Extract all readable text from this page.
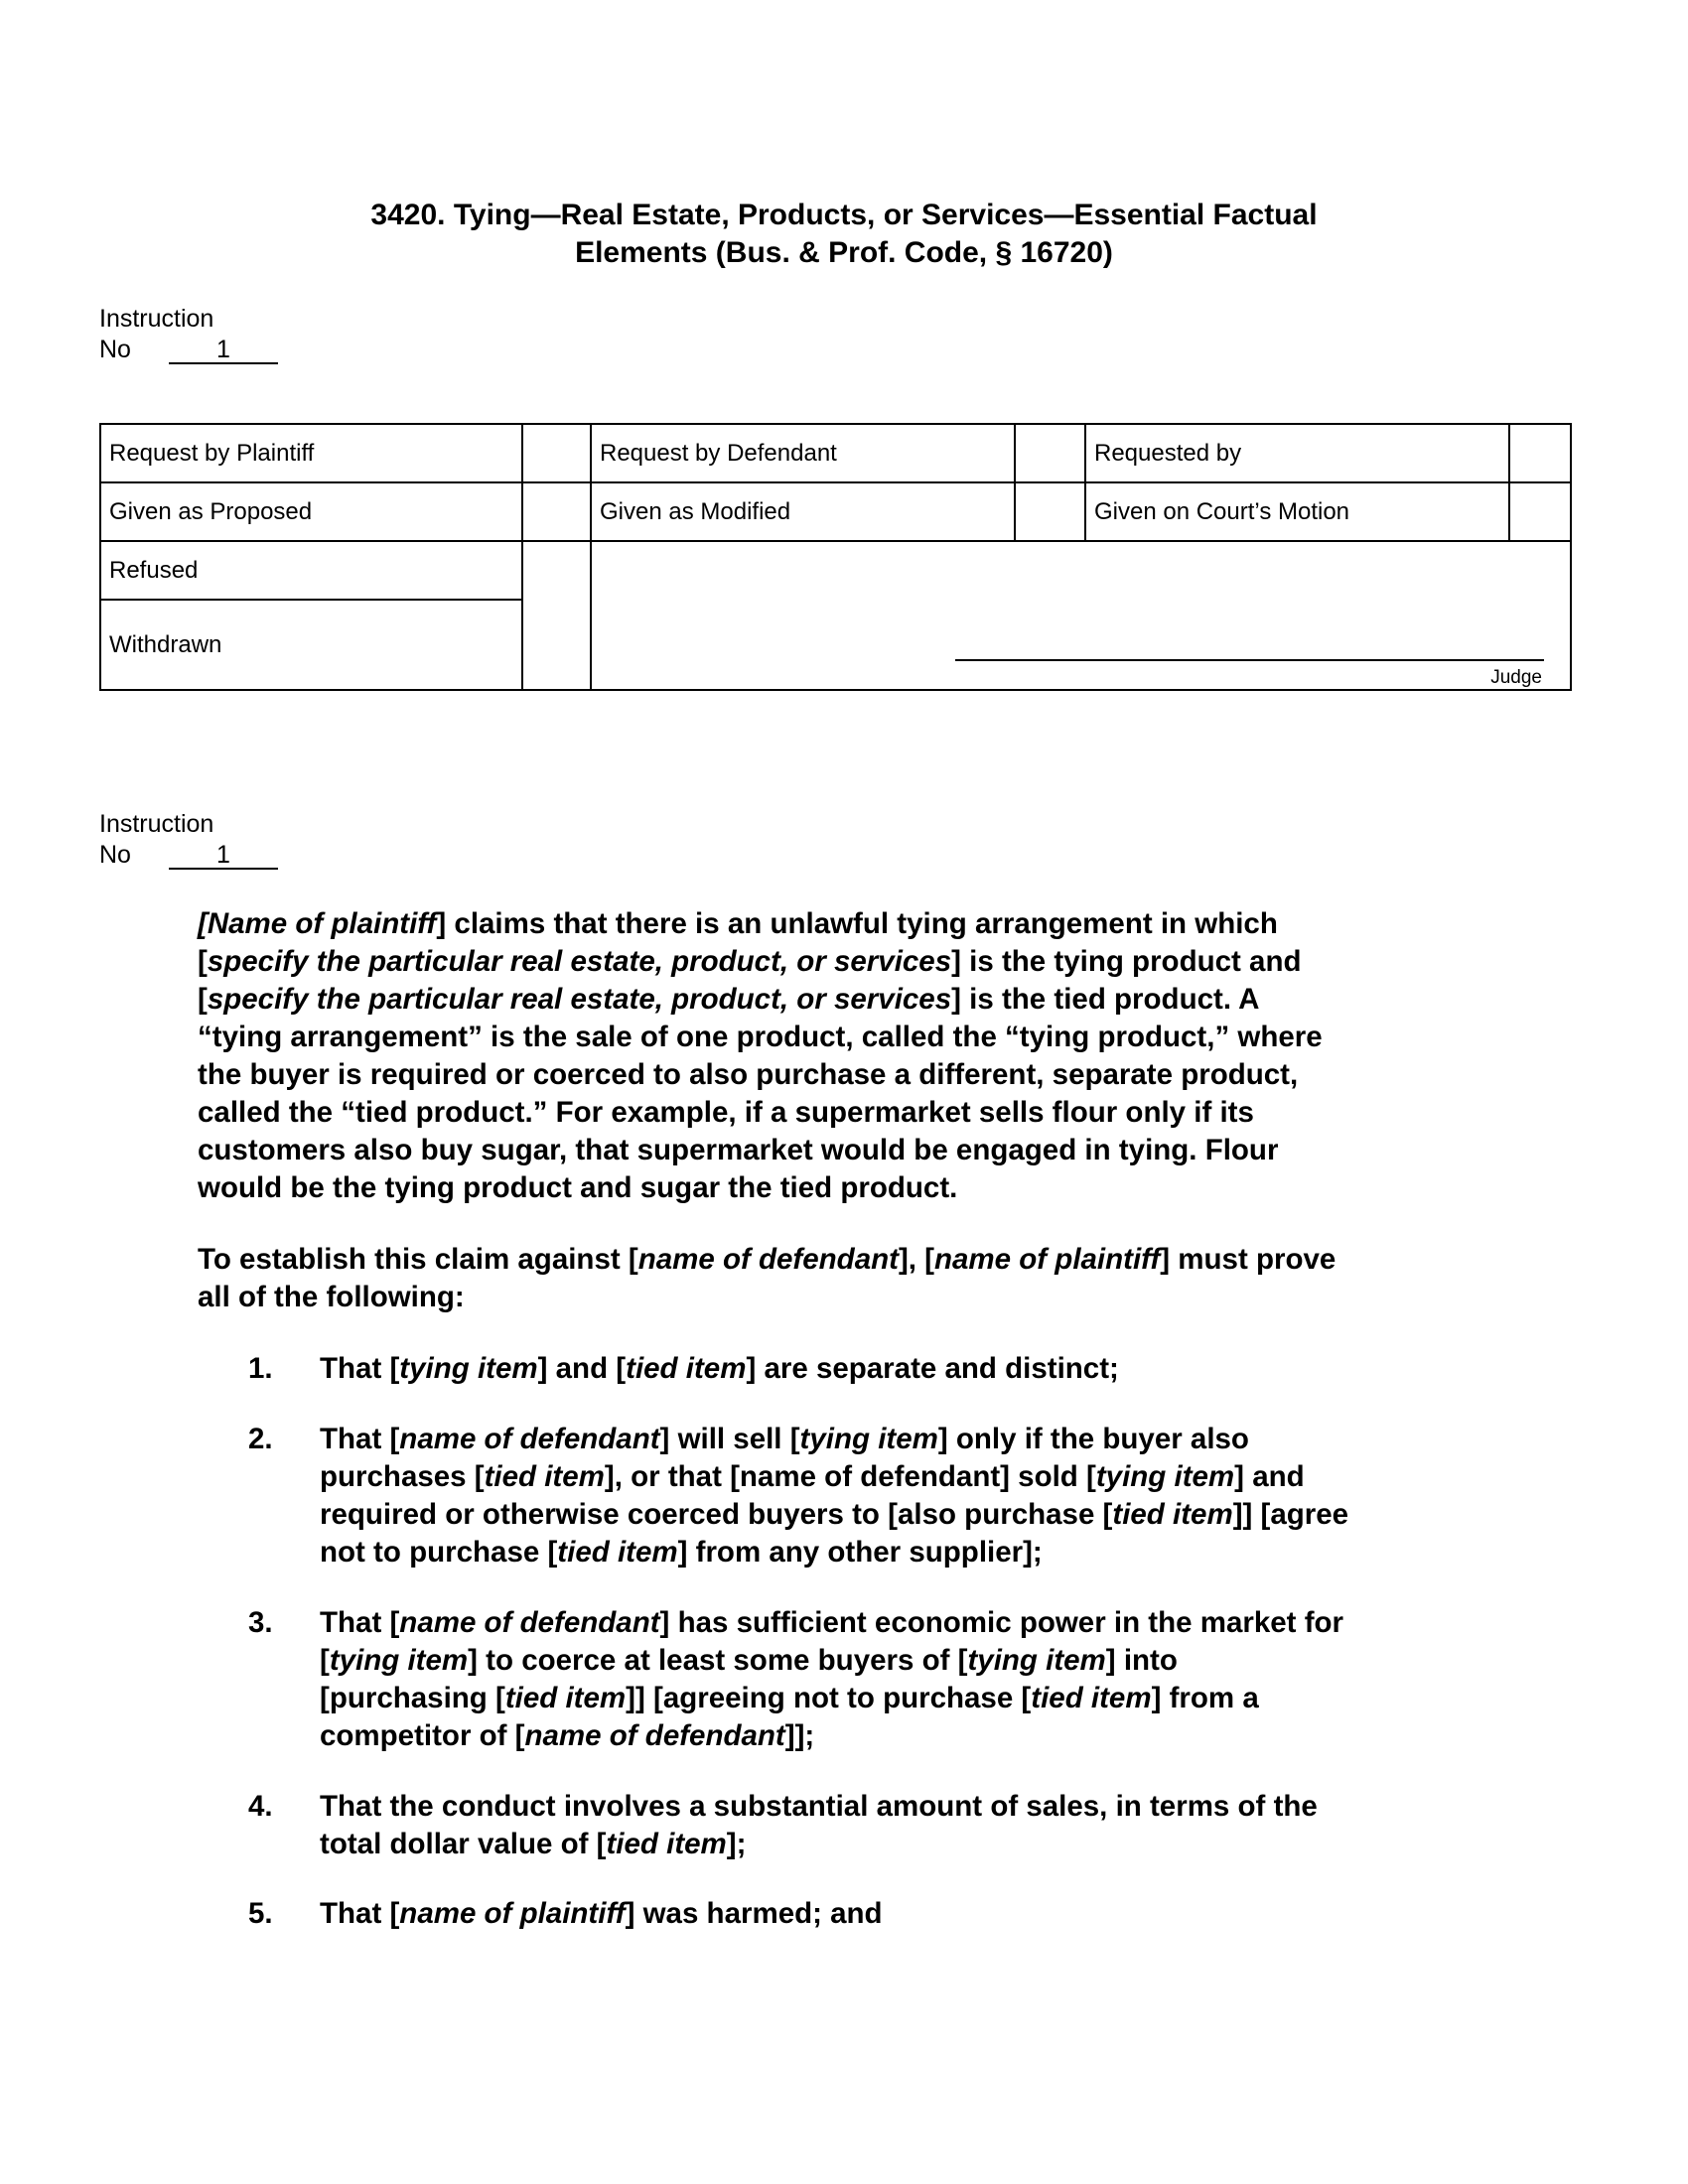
3420. Tying—Real Estate, Products, or Services—Essential Factual
Elements (Bus. & Prof. Code, § 16720)
Instruction
No	1
Request by Plaintiff	Request by Defendant	Requested by
Given as Proposed	Given as Modified	Given on Court’s Motion
Refused
Withdrawn
Judge
Instruction
No	1
[Name of plaintiff] claims that there is an unlawful tying arrangement in which
[specify the particular real estate, product, or services] is the tying product and
[specify the particular real estate, product, or services] is the tied product. A
“tying arrangement” is the sale of one product, called the “tying product,” where
the buyer is required or coerced to also purchase a different, separate product,
called the “tied product.” For example, if a supermarket sells flour only if its
customers also buy sugar, that supermarket would be engaged in tying. Flour
would be the tying product and sugar the tied product.
To establish this claim against [name of defendant], [name of plaintiff] must prove
all of the following:
1. That [tying item] and [tied item] are separate and distinct;
2. That [name of defendant] will sell [tying item] only if the buyer also
purchases [tied item], or that [name of defendant] sold [tying item] and
required or otherwise coerced buyers to [also purchase [tied item]] [agree
not to purchase [tied item] from any other supplier];
3. That [name of defendant] has sufficient economic power in the market for
[tying item] to coerce at least some buyers of [tying item] into
[purchasing [tied item]] [agreeing not to purchase [tied item] from a
competitor of [name of defendant]];
4. That the conduct involves a substantial amount of sales, in terms of the
total dollar value of [tied item];
5. That [name of plaintiff] was harmed; and
